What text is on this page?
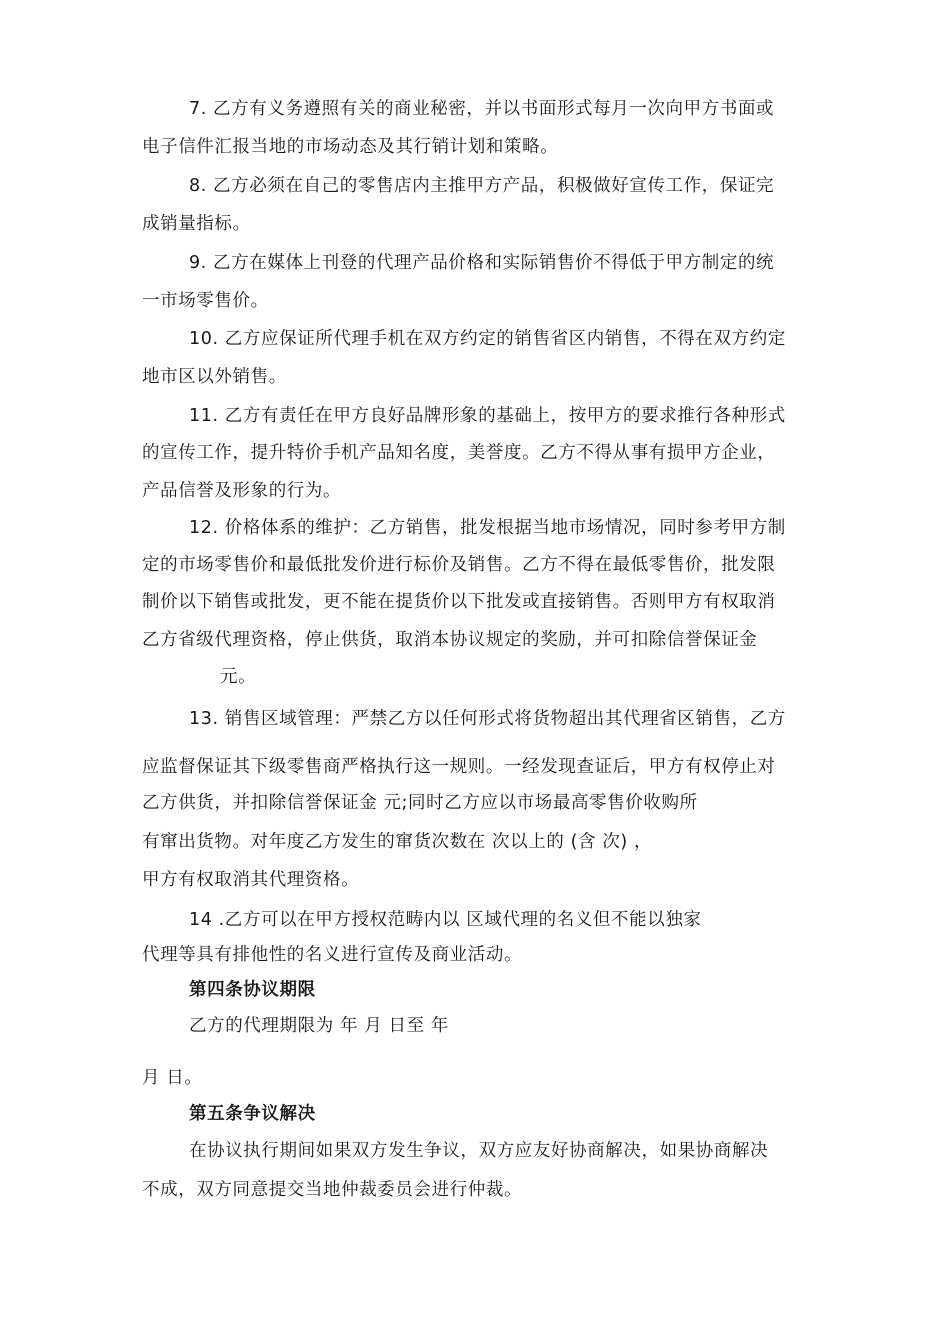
7. 乙方有义务遵照有关的商业秘密，并以书面形式每月一次向甲方书面或
电子信件汇报当地的市场动态及其行销计划和策略。
8. 乙方必须在自己的零售店内主推甲方产品，积极做好宣传工作，保证完
成销量指标。
9. 乙方在媒体上刊登的代理产品价格和实际销售价不得低于甲方制定的统
一市场零售价。
10. 乙方应保证所代理手机在双方约定的销售省区内销售，不得在双方约定
地市区以外销售。
11. 乙方有责任在甲方良好品牌形象的基础上，按甲方的要求推行各种形式
的宣传工作，提升特价手机产品知名度，美誉度。乙方不得从事有损甲方企业，
产品信誉及形象的行为。
12. 价格体系的维护：乙方销售，批发根据当地市场情况，同时参考甲方制
定的市场零售价和最低批发价进行标价及销售。乙方不得在最低零售价，批发限
制价以下销售或批发，更不能在提货价以下批发或直接销售。否则甲方有权取消
乙方省级代理资格，停止供货，取消本协议规定的奖励，并可扣除信誉保证金
元。
13. 销售区域管理：严禁乙方以任何形式将货物超出其代理省区销售，乙方
应监督保证其下级零售商严格执行这一规则。一经发现查证后，甲方有权停止对
乙方供货，并扣除信誉保证金 元;同时乙方应以市场最高零售价收购所
有窜出货物。对年度乙方发生的窜货次数在 次以上的 (含 次) ，
甲方有权取消其代理资格。
14 .乙方可以在甲方授权范畴内以 区域代理的名义但不能以独家
代理等具有排他性的名义进行宣传及商业活动。
第四条协议期限
乙方的代理期限为 年 月 日至 年
月 日。
第五条争议解决
在协议执行期间如果双方发生争议，双方应友好协商解决，如果协商解决
不成，双方同意提交当地仲裁委员会进行仲裁。
